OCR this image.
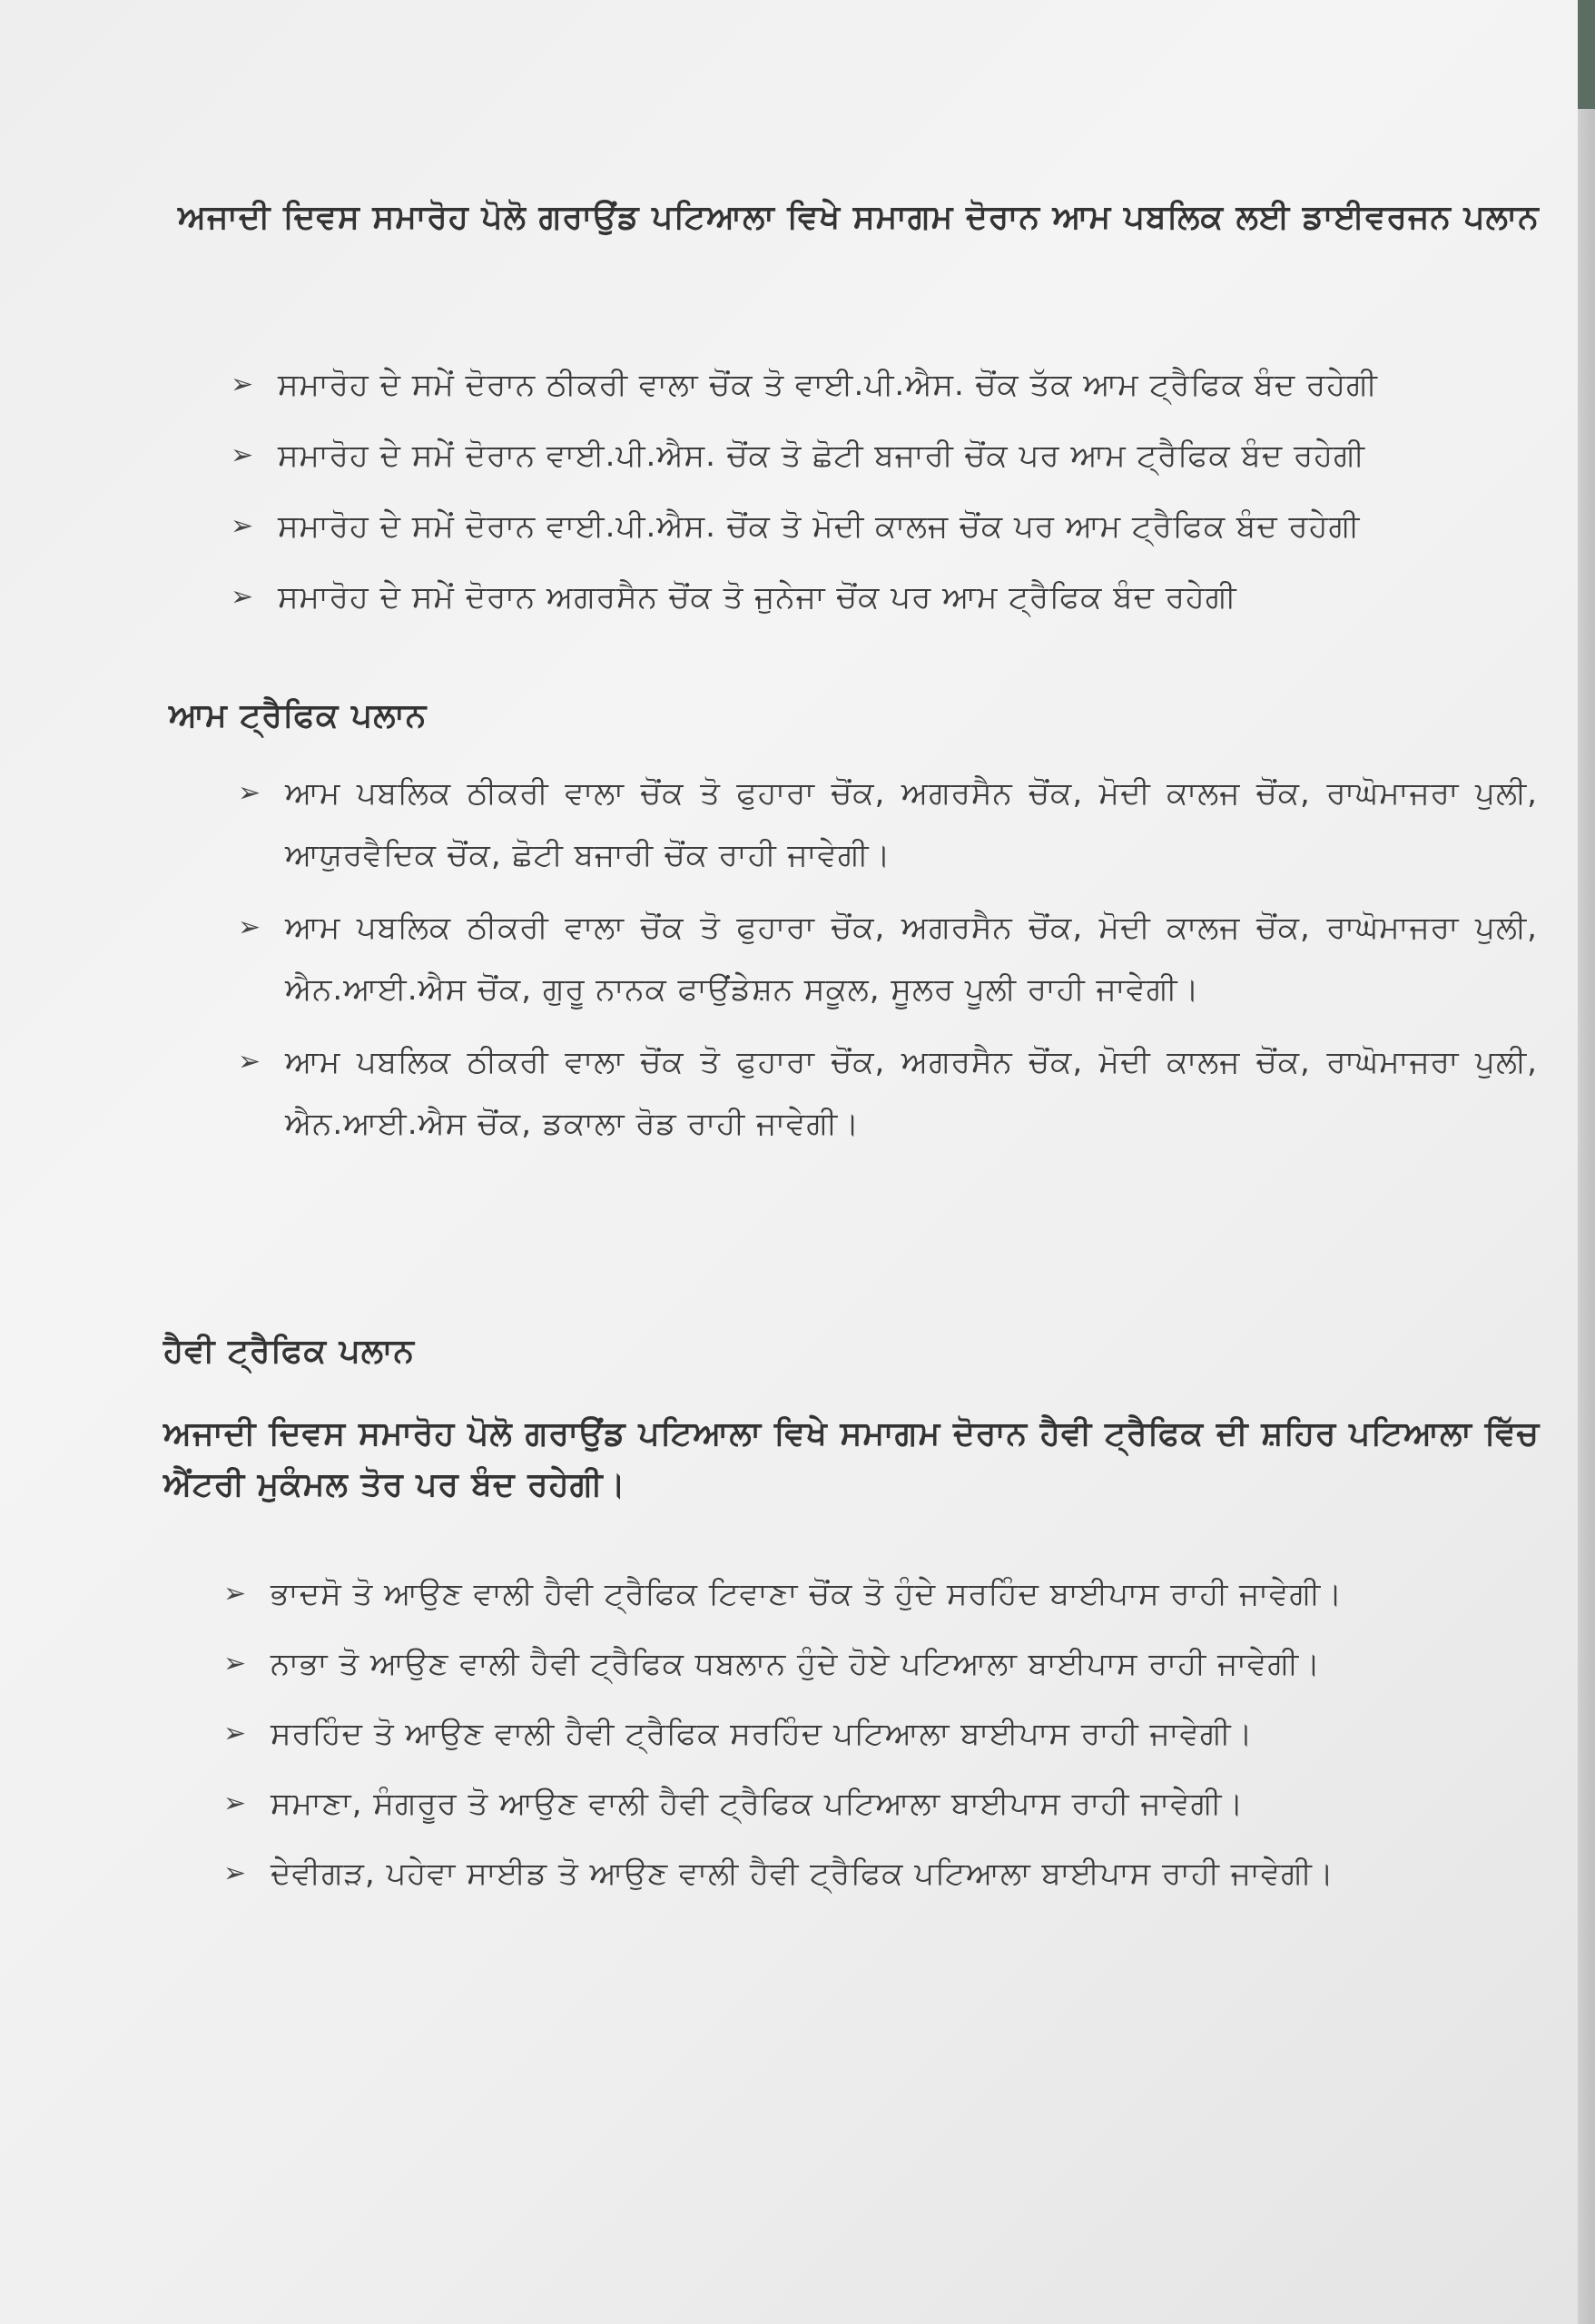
ਅਜਾਦੀ ਦਿਵਸ ਸਮਾਰੋਹ ਪੋਲੋ ਗਰਾਉਂਡ ਪਟਿਆਲਾ ਵਿਖੇ ਸਮਾਗਮ ਦੋਰਾਨ ਆਮ ਪਬਲਿਕ ਲਈ ਡਾਈਵਰਜਨ ਪਲਾਨ
➢ ਸਮਾਰੋਹ ਦੇ ਸਮੇਂ ਦੋਰਾਨ ਠੀਕਰੀ ਵਾਲਾ ਚੋਂਕ ਤੋ ਵਾਈ.ਪੀ.ਐਸ. ਚੋਂਕ ਤੱਕ ਆਮ ਟ੍ਰੈਫਿਕ ਬੰਦ ਰਹੇਗੀ
➢ ਸਮਾਰੋਹ ਦੇ ਸਮੇਂ ਦੋਰਾਨ ਵਾਈ.ਪੀ.ਐਸ. ਚੋਂਕ ਤੋ ਛੋਟੀ ਬਜਾਰੀ ਚੋਂਕ ਪਰ ਆਮ ਟ੍ਰੈਫਿਕ ਬੰਦ ਰਹੇਗੀ
➢ ਸਮਾਰੋਹ ਦੇ ਸਮੇਂ ਦੋਰਾਨ ਵਾਈ.ਪੀ.ਐਸ. ਚੋਂਕ ਤੋ ਮੋਦੀ ਕਾਲਜ ਚੋਂਕ ਪਰ ਆਮ ਟ੍ਰੈਫਿਕ ਬੰਦ ਰਹੇਗੀ
➢ ਸਮਾਰੋਹ ਦੇ ਸਮੇਂ ਦੋਰਾਨ ਅਗਰਸੈਨ ਚੋਂਕ ਤੋ ਜੁਨੇਜਾ ਚੋਂਕ ਪਰ ਆਮ ਟ੍ਰੈਫਿਕ ਬੰਦ ਰਹੇਗੀ
ਆਮ ਟ੍ਰੈਫਿਕ ਪਲਾਨ
➢ ਆਮ ਪਬਲਿਕ ਠੀਕਰੀ ਵਾਲਾ ਚੋਂਕ ਤੋ ਫੁਹਾਰਾ ਚੋਂਕ, ਅਗਰਸੈਨ ਚੋਂਕ, ਮੋਦੀ ਕਾਲਜ ਚੋਂਕ, ਰਾਘੋਮਾਜਰਾ ਪੁਲੀ, ਆਯੁਰਵੈਦਿਕ ਚੋਂਕ, ਛੋਟੀ ਬਜਾਰੀ ਚੋਂਕ ਰਾਹੀ ਜਾਵੇਗੀ।
➢ ਆਮ ਪਬਲਿਕ ਠੀਕਰੀ ਵਾਲਾ ਚੋਂਕ ਤੋ ਫੁਹਾਰਾ ਚੋਂਕ, ਅਗਰਸੈਨ ਚੋਂਕ, ਮੋਦੀ ਕਾਲਜ ਚੋਂਕ, ਰਾਘੋਮਾਜਰਾ ਪੁਲੀ, ਐਨ.ਆਈ.ਐਸ ਚੋਂਕ, ਗੁਰੂ ਨਾਨਕ ਫਾਉਂਡੇਸ਼ਨ ਸਕੂਲ, ਸੂਲਰ ਪੂਲੀ ਰਾਹੀ ਜਾਵੇਗੀ।
➢ ਆਮ ਪਬਲਿਕ ਠੀਕਰੀ ਵਾਲਾ ਚੋਂਕ ਤੋ ਫੁਹਾਰਾ ਚੋਂਕ, ਅਗਰਸੈਨ ਚੋਂਕ, ਮੋਦੀ ਕਾਲਜ ਚੋਂਕ, ਰਾਘੋਮਾਜਰਾ ਪੁਲੀ, ਐਨ.ਆਈ.ਐਸ ਚੋਂਕ, ਡਕਾਲਾ ਰੋਡ ਰਾਹੀ ਜਾਵੇਗੀ।
ਹੈਵੀ ਟ੍ਰੈਫਿਕ ਪਲਾਨ

ਅਜਾਦੀ ਦਿਵਸ ਸਮਾਰੋਹ ਪੋਲੋ ਗਰਾਉਂਡ ਪਟਿਆਲਾ ਵਿਖੇ ਸਮਾਗਮ ਦੋਰਾਨ ਹੈਵੀ ਟ੍ਰੈਫਿਕ ਦੀ ਸ਼ਹਿਰ ਪਟਿਆਲਾ ਵਿੱਚ ਐਂਟਰੀ ਮੁਕੰਮਲ ਤੋਰ ਪਰ ਬੰਦ ਰਹੇਗੀ।

➢ ਭਾਦਸੋ ਤੋ ਆਉਣ ਵਾਲੀ ਹੈਵੀ ਟ੍ਰੈਫਿਕ ਟਿਵਾਣਾ ਚੋਂਕ ਤੋ ਹੁੰਦੇ ਸਰਹਿੰਦ ਬਾਈਪਾਸ ਰਾਹੀ ਜਾਵੇਗੀ।
➢ ਨਾਭਾ ਤੋ ਆਉਣ ਵਾਲੀ ਹੈਵੀ ਟ੍ਰੈਫਿਕ ਧਬਲਾਨ ਹੁੰਦੇ ਹੋਏ ਪਟਿਆਲਾ ਬਾਈਪਾਸ ਰਾਹੀ ਜਾਵੇਗੀ।
➢ ਸਰਹਿੰਦ ਤੋ ਆਉਣ ਵਾਲੀ ਹੈਵੀ ਟ੍ਰੈਫਿਕ ਸਰਹਿੰਦ ਪਟਿਆਲਾ ਬਾਈਪਾਸ ਰਾਹੀ ਜਾਵੇਗੀ।
➢ ਸਮਾਣਾ, ਸੰਗਰੂਰ ਤੋ ਆਉਣ ਵਾਲੀ ਹੈਵੀ ਟ੍ਰੈਫਿਕ ਪਟਿਆਲਾ ਬਾਈਪਾਸ ਰਾਹੀ ਜਾਵੇਗੀ।
➢ ਦੇਵੀਗੜ, ਪਹੇਵਾ ਸਾਈਡ ਤੋ ਆਉਣ ਵਾਲੀ ਹੈਵੀ ਟ੍ਰੈਫਿਕ ਪਟਿਆਲਾ ਬਾਈਪਾਸ ਰਾਹੀ ਜਾਵੇਗੀ।
